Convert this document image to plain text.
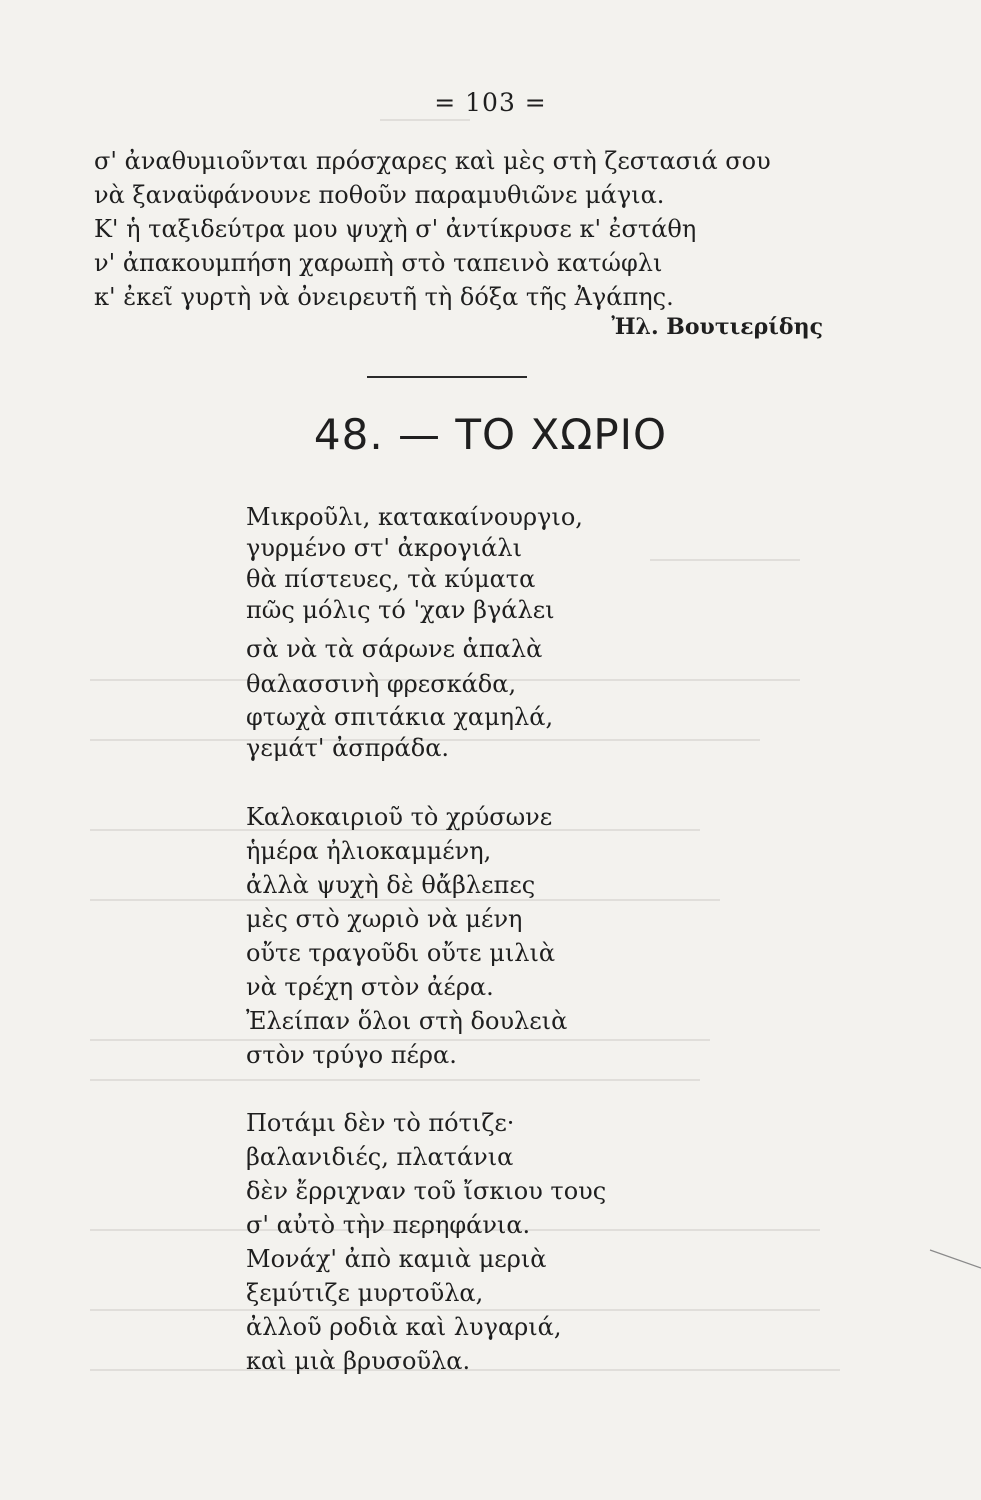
= 103 =
σ' ἀναθυμιοῦνται πρόσχαρες καὶ μὲς στὴ ζεστασιά σου
νὰ ξαναϋφάνουνε ποθοῦν παραμυθιῶνε μάγια.
Κ' ἡ ταξιδεύτρα μου ψυχὴ σ' ἀντίκρυσε κ' ἐστάθη
ν' ἀπακουμπήση χαρωπὴ στὸ ταπεινὸ κατώφλι
κ' ἐκεῖ γυρτὴ νὰ ὀνειρευτῆ τὴ δόξα τῆς Ἀγάπης.
Ἠλ. Βουτιερίδης
48. — ΤΟ ΧΩΡΙΟ
Μικροῦλι, κατακαίνουργιο,
γυρμένο στ' ἀκρογιάλι
θὰ πίστευες, τὰ κύματα
πῶς μόλις τό 'χαν βγάλει
σὰ νὰ τὰ σάρωνε ἁπαλὰ
θαλασσινὴ φρεσκάδα,
φτωχὰ σπιτάκια χαμηλά,
γεμάτ' ἀσπράδα.
Καλοκαιριοῦ τὸ χρύσωνε
ἡμέρα ἠλιοκαμμένη,
ἀλλὰ ψυχὴ δὲ θἄβλεπες
μὲς στὸ χωριὸ νὰ μένη
οὔτε τραγοῦδι οὔτε μιλιὰ
νὰ τρέχη στὸν ἀέρα.
Ἐλείπαν ὅλοι στὴ δουλειὰ
στὸν τρύγο πέρα.
Ποτάμι δὲν τὸ πότιζε·
βαλανιδιές, πλατάνια
δὲν ἔρριχναν τοῦ ἴσκιου τους
σ' αὐτὸ τὴν περηφάνια.
Μονάχ' ἀπὸ καμιὰ μεριὰ
ξεμύτιζε μυρτοῦλα,
ἀλλοῦ ροδιὰ καὶ λυγαριά,
καὶ μιὰ βρυσοῦλα.
